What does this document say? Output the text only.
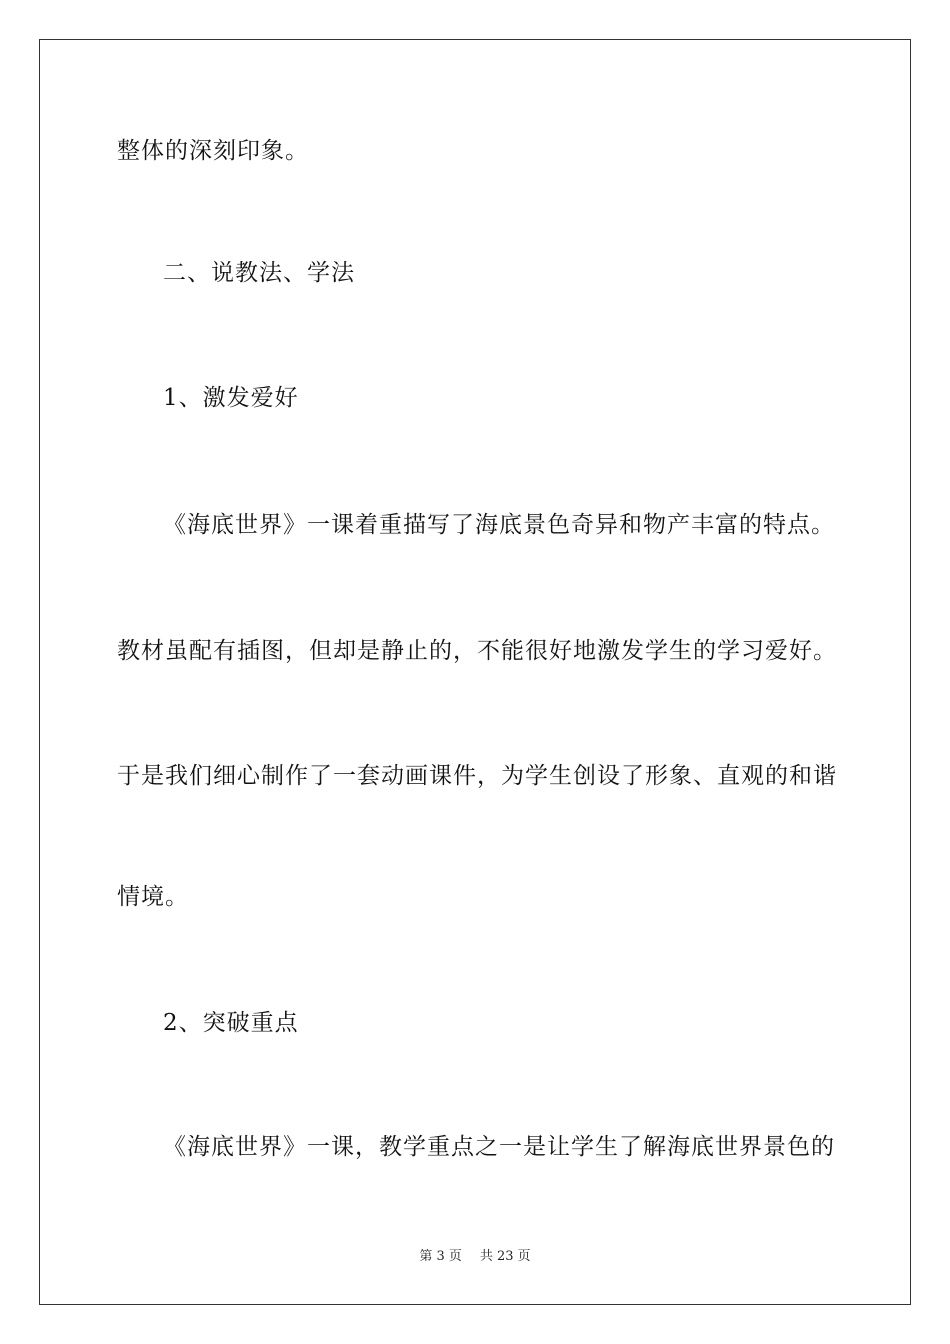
整体的深刻印象。
二、说教法、学法
1、激发爱好
《海底世界》一课着重描写了海底景色奇异和物产丰富的特点。
教材虽配有插图，但却是静止的，不能很好地激发学生的学习爱好。
于是我们细心制作了一套动画课件，为学生创设了形象、直观的和谐
情境。
2、突破重点
《海底世界》一课，教学重点之一是让学生了解海底世界景色的
第 3 页 共 23 页
